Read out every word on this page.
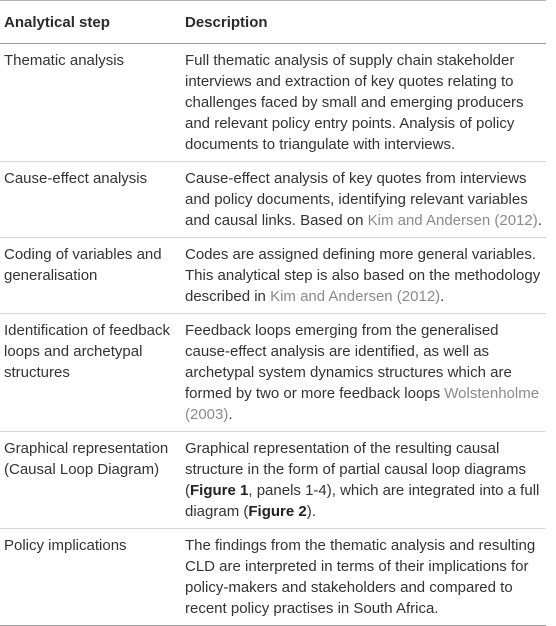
Analytical step	Description
Thematic analysis	Full thematic analysis of supply chain stakeholder interviews and extraction of key quotes relating to challenges faced by small and emerging producers and relevant policy entry points. Analysis of policy documents to triangulate with interviews.
Cause-effect analysis	Cause-effect analysis of key quotes from interviews and policy documents, identifying relevant variables and causal links. Based on Kim and Andersen (2012).
Coding of variables and generalisation	Codes are assigned defining more general variables. This analytical step is also based on the methodology described in Kim and Andersen (2012).
Identification of feedback loops and archetypal structures	Feedback loops emerging from the generalised cause-effect analysis are identified, as well as archetypal system dynamics structures which are formed by two or more feedback loops Wolstenholme (2003).
Graphical representation (Causal Loop Diagram)	Graphical representation of the resulting causal structure in the form of partial causal loop diagrams (Figure 1, panels 1-4), which are integrated into a full diagram (Figure 2).
Policy implications	The findings from the thematic analysis and resulting CLD are interpreted in terms of their implications for policy-makers and stakeholders and compared to recent policy practises in South Africa.
